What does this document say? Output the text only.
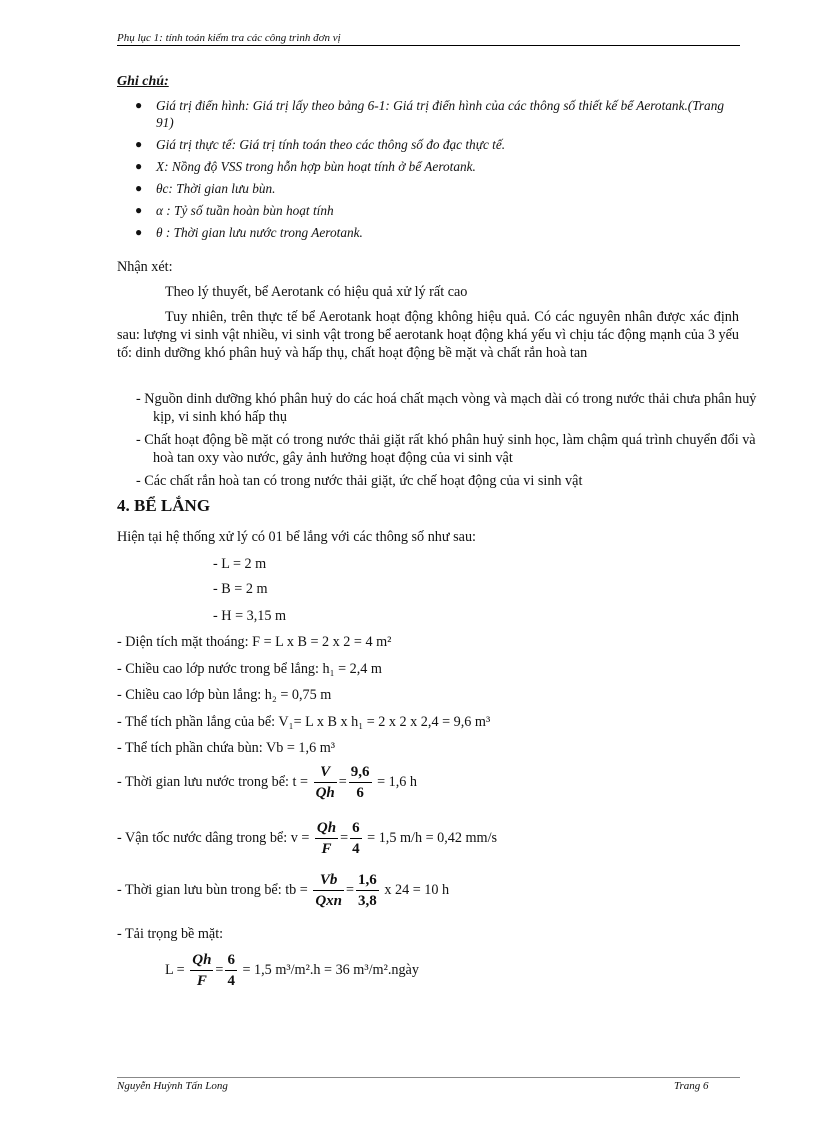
Phụ lục 1: tính toán kiểm tra các công trình đơn vị
Ghi chú:
● Giá trị điển hình: Giá trị lấy theo bảng 6-1: Giá trị điển hình của các thông số thiết kế bể Aerotank.(Trang 91)
● Giá trị thực tế: Giá trị tính toán theo các thông số đo đạc thực tế.
● X: Nồng độ VSS trong hỗn hợp bùn hoạt tính ở bể Aerotank.
● θc: Thời gian lưu bùn.
● α : Tỷ số tuần hoàn bùn hoạt tính
● θ : Thời gian lưu nước trong Aerotank.
Nhận xét:
Theo lý thuyết, bể Aerotank có hiệu quả xử lý rất cao
Tuy nhiên, trên thực tế bể Aerotank hoạt động không hiệu quả. Có các nguyên nhân được xác định sau: lượng vi sinh vật nhiều, vi sinh vật trong bể aerotank hoạt động khá yếu vì chịu tác động mạnh của 3 yếu tố: dinh dưỡng khó phân huỷ và hấp thụ, chất hoạt động bề mặt và chất rắn hoà tan
- Nguồn dinh dưỡng khó phân huỷ do các hoá chất mạch vòng và mạch dài có trong nước thải chưa phân huỷ kịp, vi sinh khó hấp thụ
- Chất hoạt động bề mặt có trong nước thải giặt rất khó phân huỷ sinh học, làm chậm quá trình chuyển đổi và hoà tan oxy vào nước, gây ảnh hưởng hoạt động của vi sinh vật
- Các chất rắn hoà tan có trong nước thải giặt, ức chế hoạt động của vi sinh vật
4. BỂ LẮNG
Hiện tại hệ thống xử lý có 01 bể lắng với các thông số như sau:
- L = 2 m
- B = 2 m
- H = 3,15 m
- Diện tích mặt thoáng: F = L x B = 2 x 2 = 4 m²
- Chiều cao lớp nước trong bể lắng: h₁ = 2,4 m
- Chiều cao lớp bùn lắng: h₂ = 0,75 m
- Thể tích phần lắng của bể: V₁= L x B x h₁ = 2 x 2 x 2,4 = 9,6 m³
- Thể tích phần chứa bùn: Vb = 1,6 m³
- Thời gian lưu nước trong bể: $t = \frac{V}{Qh} = \frac{9,6}{6} = 1,6$ h
- Vận tốc nước dâng trong bể: $v = \frac{Qh}{F} = \frac{6}{4} = 1,5$ m/h = 0,42 mm/s
- Thời gian lưu bùn trong bể: tb = $\frac{Vb}{\text{Qxn}} = \frac{1,6}{3,8}$ x 24 = 10 h
- Tải trọng bề mặt:
$L = \frac{Qh}{F} = \frac{6}{4} = 1,5$ m³/m².h = 36 m³/m².ngày
Nguyễn Huỳnh Tấn Long	Trang 6
